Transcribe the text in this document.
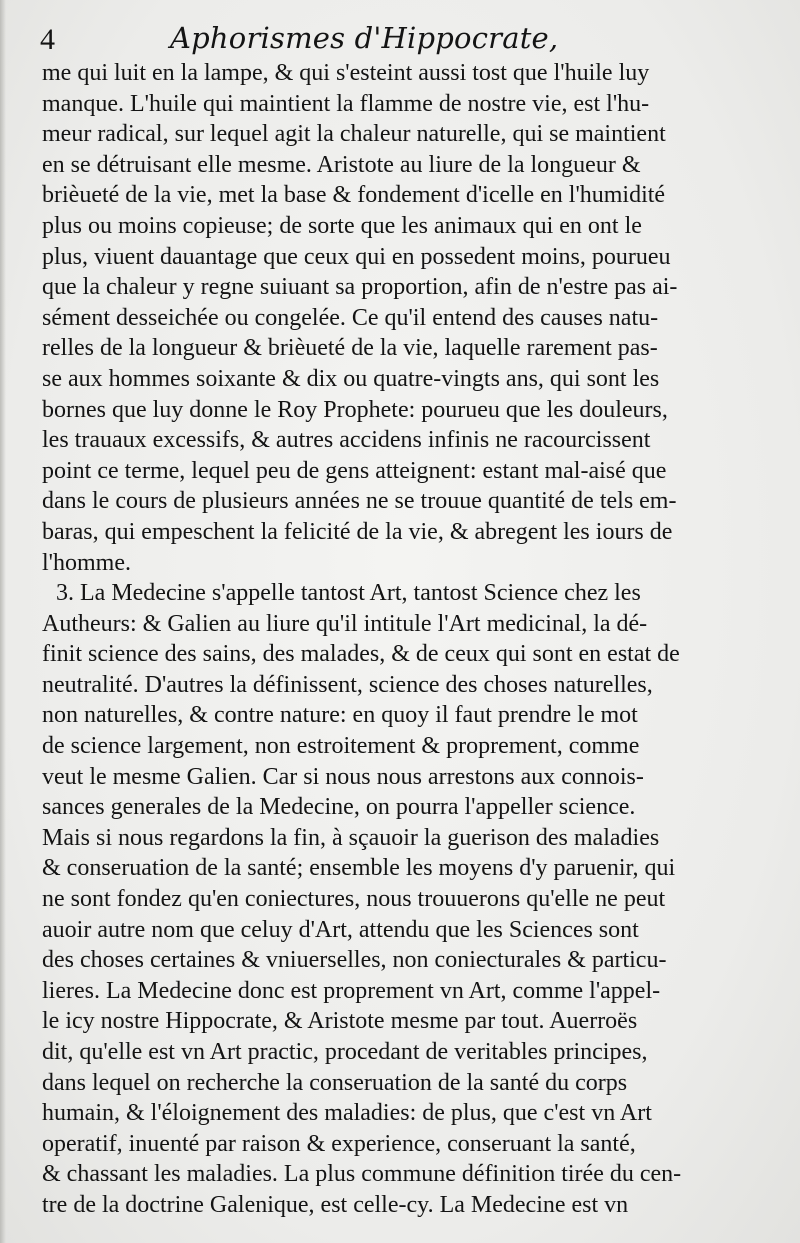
4	Aphorismes d'Hippocrate,
me qui luit en la lampe, & qui s'esteint aussi tost que l'huile luy
manque. L'huile qui maintient la flamme de nostre vie, est l'hu-
meur radical, sur lequel agit la chaleur naturelle, qui se maintient
en se détruisant elle mesme. Aristote au liure de la longueur &
brièueté de la vie, met la base & fondement d'icelle en l'humidité
plus ou moins copieuse; de sorte que les animaux qui en ont le
plus, viuent dauantage que ceux qui en possedent moins, pourueu
que la chaleur y regne suiuant sa proportion, afin de n'estre pas ai-
sément desseichée ou congelée. Ce qu'il entend des causes natu-
relles de la longueur & brièueté de la vie, laquelle rarement pas-
se aux hommes soixante & dix ou quatre-vingts ans, qui sont les
bornes que luy donne le Roy Prophete: pourueu que les douleurs,
les trauaux excessifs, & autres accidens infinis ne racourcissent
point ce terme, lequel peu de gens atteignent: estant mal-aisé que
dans le cours de plusieurs années ne se trouue quantité de tels em-
baras, qui empeschent la felicité de la vie, & abregent les iours de
l'homme.
3. La Medecine s'appelle tantost Art, tantost Science chez les
Autheurs: & Galien au liure qu'il intitule l'Art medicinal, la dé-
finit science des sains, des malades, & de ceux qui sont en estat de
neutralité. D'autres la définissent, science des choses naturelles,
non naturelles, & contre nature: en quoy il faut prendre le mot
de science largement, non estroitement & proprement, comme
veut le mesme Galien. Car si nous nous arrestons aux connois-
sances generales de la Medecine, on pourra l'appeller science.
Mais si nous regardons la fin, à sçauoir la guerison des maladies
& conseruation de la santé; ensemble les moyens d'y paruenir, qui
ne sont fondez qu'en coniectures, nous trouuerons qu'elle ne peut
auoir autre nom que celuy d'Art, attendu que les Sciences sont
des choses certaines & vniuerselles, non coniecturales & particu-
lieres. La Medecine donc est proprement vn Art, comme l'appel-
le icy nostre Hippocrate, & Aristote mesme par tout. Auerroës
dit, qu'elle est vn Art practic, procedant de veritables principes,
dans lequel on recherche la conseruation de la santé du corps
humain, & l'éloignement des maladies: de plus, que c'est vn Art
operatif, inuenté par raison & experience, conseruant la santé,
& chassant les maladies. La plus commune définition tirée du cen-
tre de la doctrine Galenique, est celle-cy. La Medecine est vn
